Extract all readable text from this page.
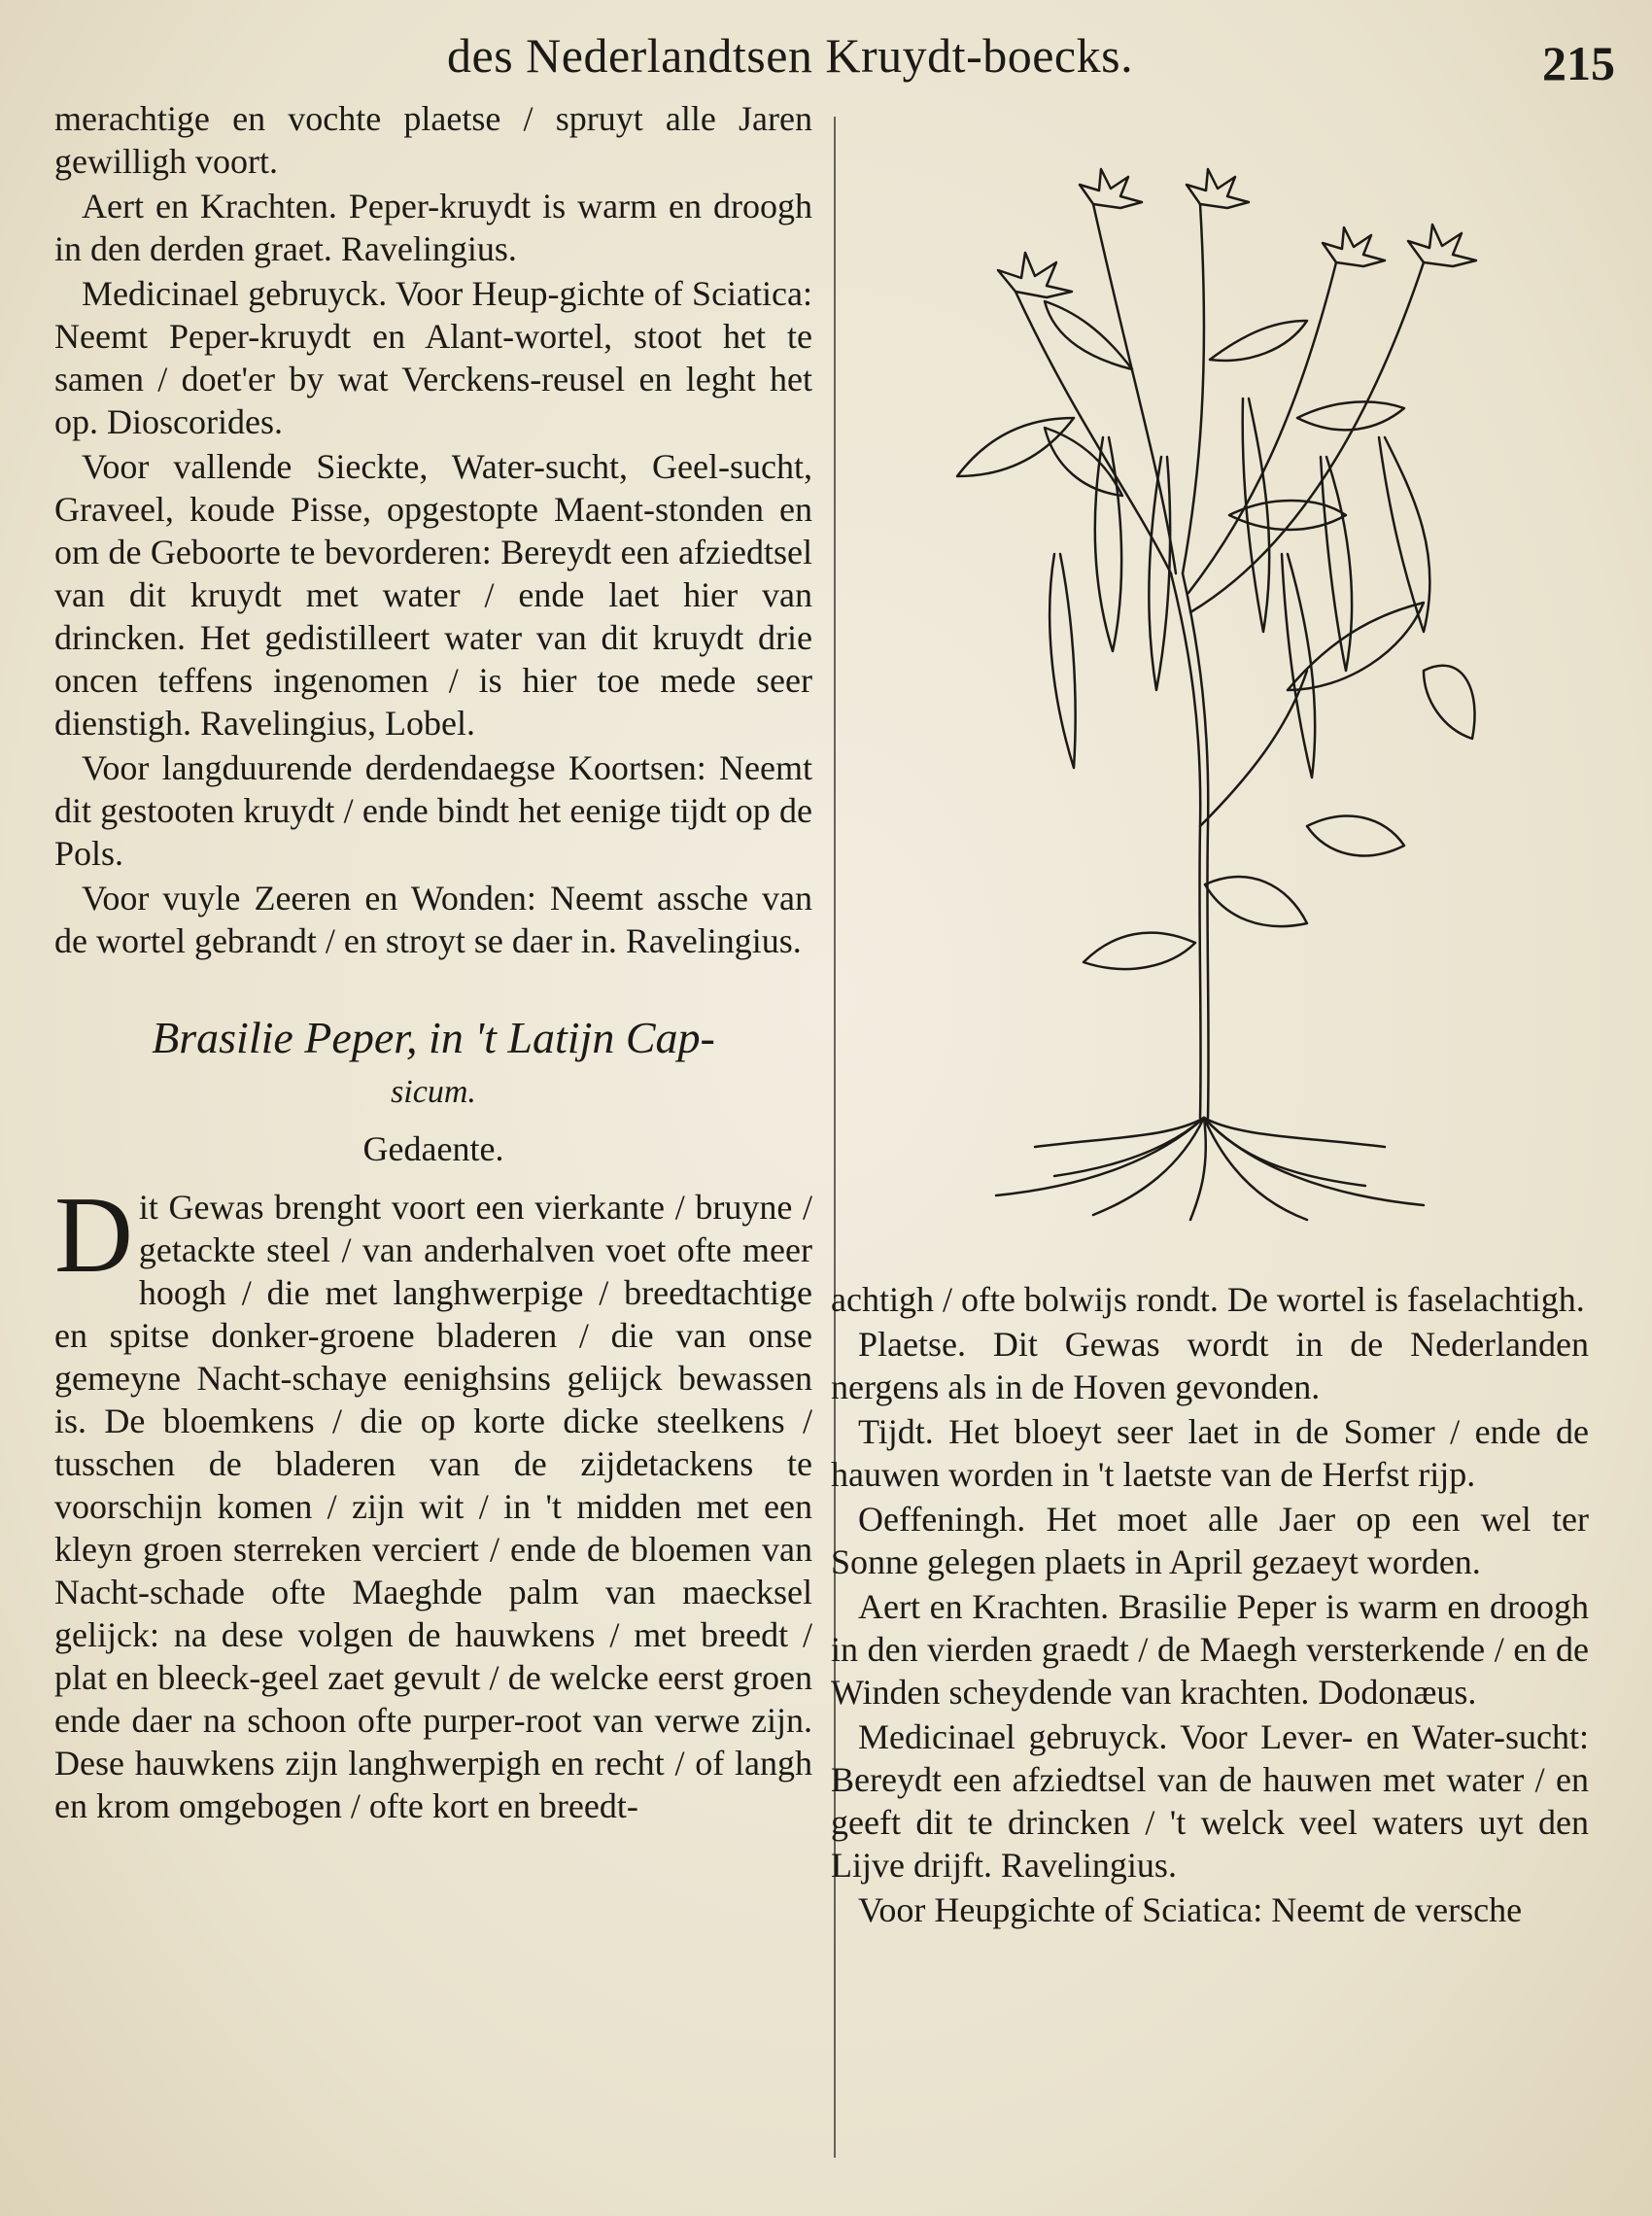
des Nederlandtsen Kruydt-boecks.	215

merachtige en vochte plaetse / spruyt alle Jaren gewilligh voort.

Aert en Krachten. Peper-kruydt is warm en droogh in den derden graet. Ravelingius.

Medicinael gebruyck. Voor Heup-gichte of Sciatica: Neemt Peper-kruydt en Alant-wortel, stoot het te samen / doet'er by wat Verckens-reusel en leght het op. Dioscorides.

Voor vallende Sieckte, Water-sucht, Geel-sucht, Graveel, koude Pisse, opgestopte Maent-stonden en om de Geboorte te bevorderen: Bereydt een afziedtsel van dit kruydt met water / ende laet hier van drincken. Het gedistilleert water van dit kruydt drie oncen teffens ingenomen / is hier toe mede seer dienstigh. Ravelingius, Lobel.

Voor langduurende derdendaegse Koortsen: Neemt dit gestooten kruydt / ende bindt het eenige tijdt op de Pols.

Voor vuyle Zeeren en Wonden: Neemt assche van de wortel gebrandt / en stroyt se daer in. Ravelingius.

Brasilie Peper, in 't Latijn Cap-
sicum.
Gedaente.

Dit Gewas brenght voort een vierkante / bruyne / getackte steel / van anderhalven voet ofte meer hoogh / die met langhwerpige / breedtachtige en spitse donker-groene bladeren / die van onse gemeyne Nacht-schaye eenighsins gelijck bewassen is. De bloemkens / die op korte dicke steelkens / tusschen de bladeren van de zijdetackens te voorschijn komen / zijn wit / in 't midden met een kleyn groen sterreken verciert / ende de bloemen van Nacht-schade ofte Maeghde palm van maecksel gelijck: na dese volgen de hauwkens / met breedt / plat en bleeck-geel zaet gevult / de welcke eerst groen ende daer na schoon ofte purper-root van verwe zijn. Dese hauwkens zijn langhwerpigh en recht / of langh en krom omgebogen / ofte kort en breedt-

achtigh / ofte bolwijs rondt. De wortel is faselachtigh.

Plaetse. Dit Gewas wordt in de Nederlanden nergens als in de Hoven gevonden.

Tijdt. Het bloeyt seer laet in de Somer / ende de hauwen worden in 't laetste van de Herfst rijp.

Oeffeningh. Het moet alle Jaer op een wel ter Sonne gelegen plaets in April gezaeyt worden.

Aert en Krachten. Brasilie Peper is warm en droogh in den vierden graedt / de Maegh versterkende / en de Winden scheydende van krachten. Dodonæus.

Medicinael gebruyck. Voor Lever- en Water-sucht: Bereydt een afziedtsel van de hauwen met water / en geeft dit te drincken / 't welck veel waters uyt den Lijve drijft. Ravelingius.

Voor Heupgichte of Sciatica: Neemt de versche
